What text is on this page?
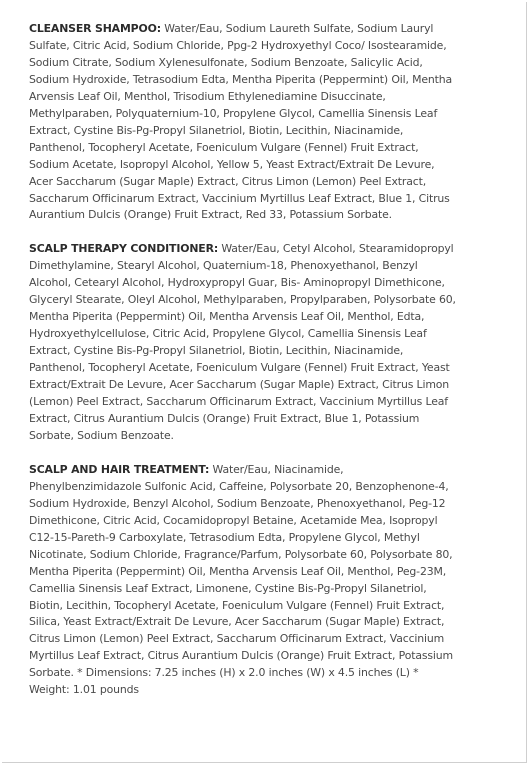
CLEANSER SHAMPOO: Water/Eau, Sodium Laureth Sulfate, Sodium Lauryl Sulfate, Citric Acid, Sodium Chloride, Ppg-2 Hydroxyethyl Coco/ Isostearamide, Sodium Citrate, Sodium Xylenesulfonate, Sodium Benzoate, Salicylic Acid, Sodium Hydroxide, Tetrasodium Edta, Mentha Piperita (Peppermint) Oil, Mentha Arvensis Leaf Oil, Menthol, Trisodium Ethylenediamine Disuccinate, Methylparaben, Polyquaternium-10, Propylene Glycol, Camellia Sinensis Leaf Extract, Cystine Bis-Pg-Propyl Silanetriol, Biotin, Lecithin, Niacinamide, Panthenol, Tocopheryl Acetate, Foeniculum Vulgare (Fennel) Fruit Extract, Sodium Acetate, Isopropyl Alcohol, Yellow 5, Yeast Extract/Extrait De Levure, Acer Saccharum (Sugar Maple) Extract, Citrus Limon (Lemon) Peel Extract, Saccharum Officinarum Extract, Vaccinium Myrtillus Leaf Extract, Blue 1, Citrus Aurantium Dulcis (Orange) Fruit Extract, Red 33, Potassium Sorbate.

SCALP THERAPY CONDITIONER: Water/Eau, Cetyl Alcohol, Stearamidopropyl Dimethylamine, Stearyl Alcohol, Quaternium-18, Phenoxyethanol, Benzyl Alcohol, Cetearyl Alcohol, Hydroxypropyl Guar, Bis- Aminopropyl Dimethicone, Glyceryl Stearate, Oleyl Alcohol, Methylparaben, Propylparaben, Polysorbate 60, Mentha Piperita (Peppermint) Oil, Mentha Arvensis Leaf Oil, Menthol, Edta, Hydroxyethylcellulose, Citric Acid, Propylene Glycol, Camellia Sinensis Leaf Extract, Cystine Bis-Pg-Propyl Silanetriol, Biotin, Lecithin, Niacinamide, Panthenol, Tocopheryl Acetate, Foeniculum Vulgare (Fennel) Fruit Extract, Yeast Extract/Extrait De Levure, Acer Saccharum (Sugar Maple) Extract, Citrus Limon (Lemon) Peel Extract, Saccharum Officinarum Extract, Vaccinium Myrtillus Leaf Extract, Citrus Aurantium Dulcis (Orange) Fruit Extract, Blue 1, Potassium Sorbate, Sodium Benzoate.

SCALP AND HAIR TREATMENT: Water/Eau, Niacinamide, Phenylbenzimidazole Sulfonic Acid, Caffeine, Polysorbate 20, Benzophenone-4, Sodium Hydroxide, Benzyl Alcohol, Sodium Benzoate, Phenoxyethanol, Peg-12 Dimethicone, Citric Acid, Cocamidopropyl Betaine, Acetamide Mea, Isopropyl C12-15-Pareth-9 Carboxylate, Tetrasodium Edta, Propylene Glycol, Methyl Nicotinate, Sodium Chloride, Fragrance/Parfum, Polysorbate 60, Polysorbate 80, Mentha Piperita (Peppermint) Oil, Mentha Arvensis Leaf Oil, Menthol, Peg-23M, Camellia Sinensis Leaf Extract, Limonene, Cystine Bis-Pg-Propyl Silanetriol, Biotin, Lecithin, Tocopheryl Acetate, Foeniculum Vulgare (Fennel) Fruit Extract, Silica, Yeast Extract/Extrait De Levure, Acer Saccharum (Sugar Maple) Extract, Citrus Limon (Lemon) Peel Extract, Saccharum Officinarum Extract, Vaccinium Myrtillus Leaf Extract, Citrus Aurantium Dulcis (Orange) Fruit Extract, Potassium Sorbate. * Dimensions: 7.25 inches (H) x 2.0 inches (W) x 4.5 inches (L) * Weight: 1.01 pounds
